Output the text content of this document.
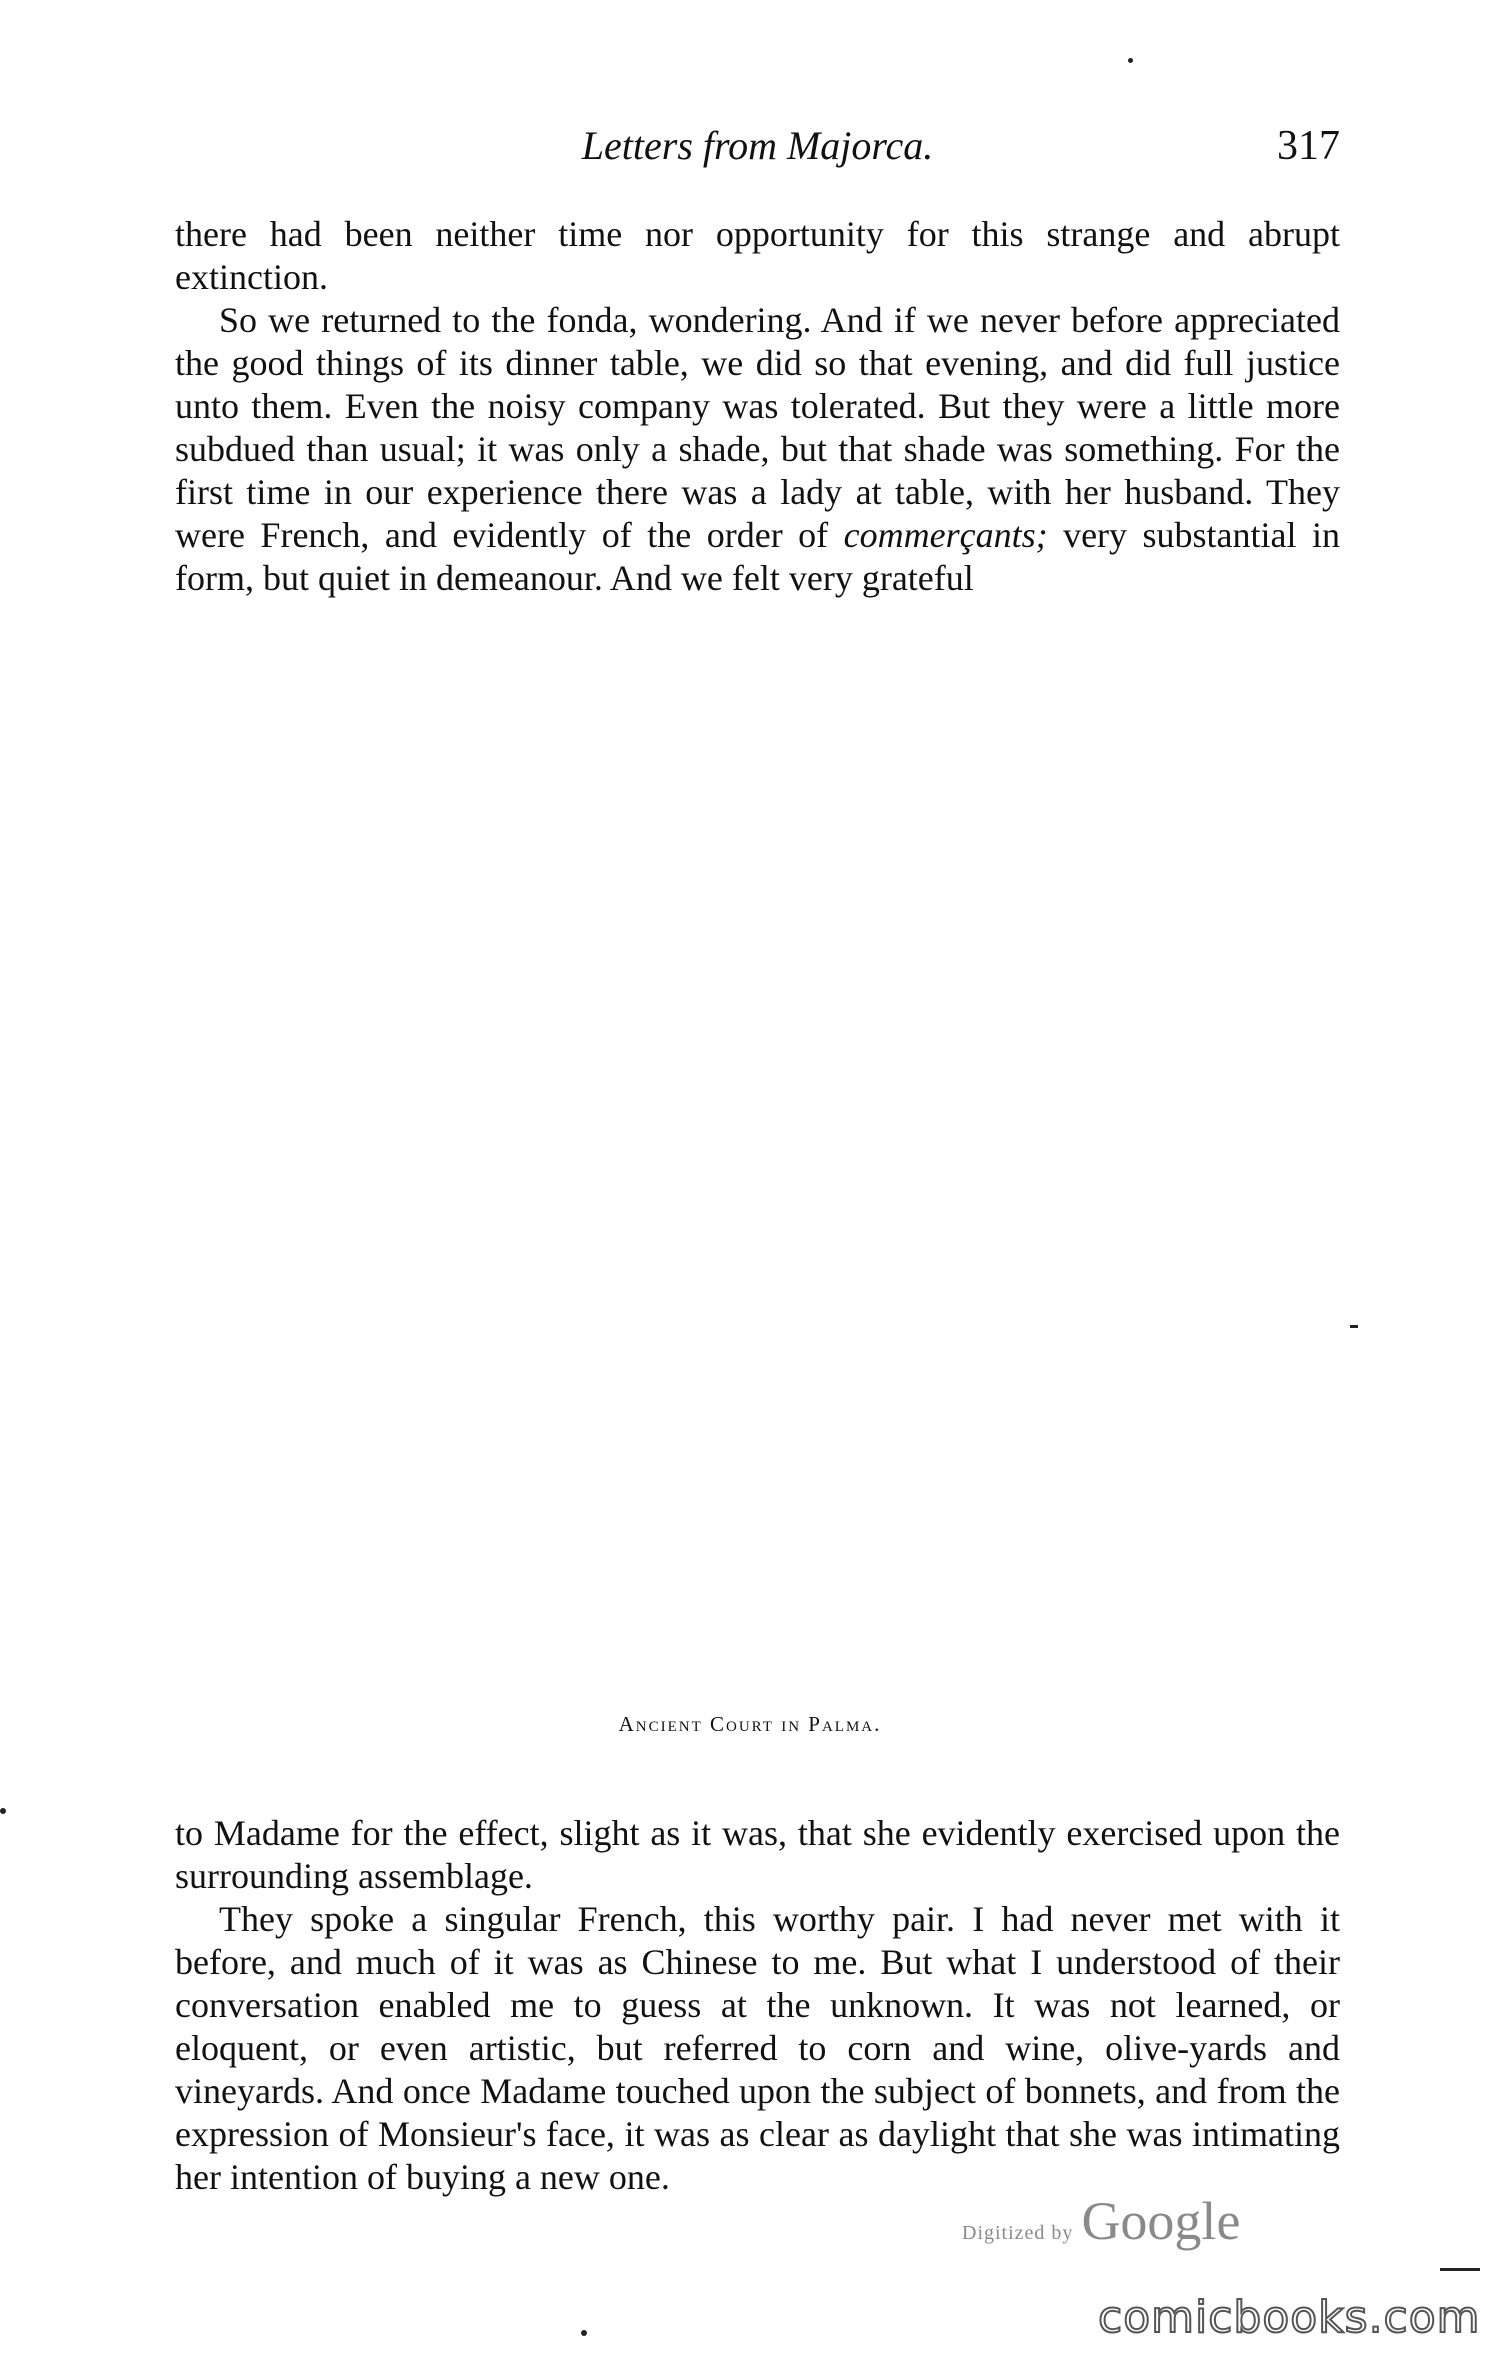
Letters from Majorca.	317

there had been neither time nor opportunity for this strange and abrupt extinction.

So we returned to the fonda, wondering. And if we never before appreciated the good things of its dinner table, we did so that evening, and did full justice unto them. Even the noisy company was tolerated. But they were a little more subdued than usual; it was only a shade, but that shade was something. For the first time in our experience there was a lady at table, with her husband. They were French, and evidently of the order of commerçants; very substantial in form, but quiet in demeanour. And we felt very grateful

Ancient Court in Palma.

to Madame for the effect, slight as it was, that she evidently exercised upon the surrounding assemblage.

They spoke a singular French, this worthy pair. I had never met with it before, and much of it was as Chinese to me. But what I understood of their conversation enabled me to guess at the unknown. It was not learned, or eloquent, or even artistic, but referred to corn and wine, olive-yards and vineyards. And once Madame touched upon the subject of bonnets, and from the expression of Monsieur's face, it was as clear as daylight that she was intimating her intention of buying a new one.

Digitized by Google
comicbooks.com
